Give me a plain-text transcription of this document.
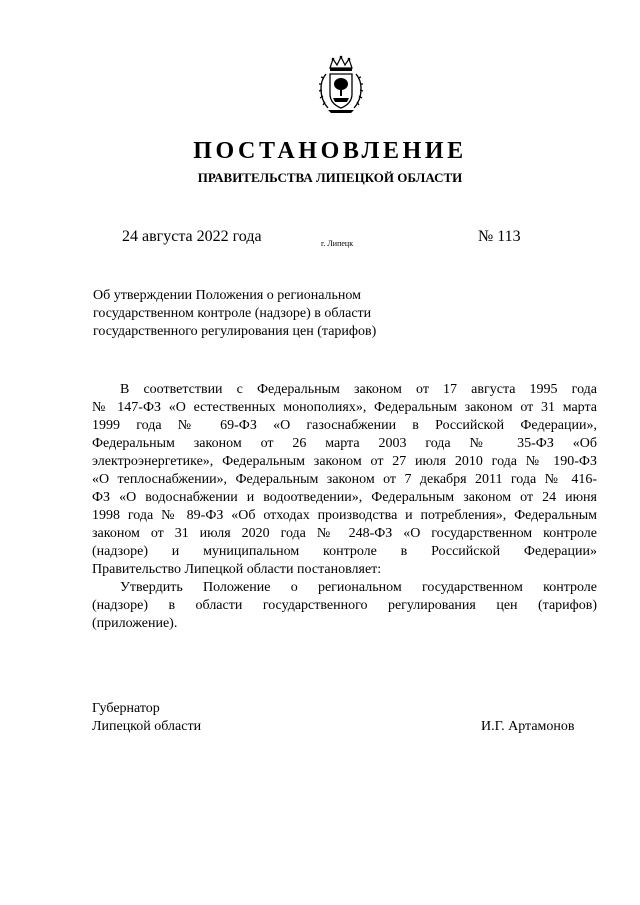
ПОСТАНОВЛЕНИЕ
ПРАВИТЕЛЬСТВА ЛИПЕЦКОЙ ОБЛАСТИ
24 августа 2022 года	г. Липецк	№ 113
Об утверждении Положения о региональном
государственном контроле (надзоре) в области
государственного регулирования цен (тарифов)
В соответствии с Федеральным законом от 17 августа 1995 года
№ 147-ФЗ «О естественных монополиях», Федеральным законом от 31 марта
1999 года № 69-ФЗ «О газоснабжении в Российской Федерации»,
Федеральным законом от 26 марта 2003 года № 35-ФЗ «Об
электроэнергетике», Федеральным законом от 27 июля 2010 года № 190-ФЗ
«О теплоснабжении», Федеральным законом от 7 декабря 2011 года № 416-
ФЗ «О водоснабжении и водоотведении», Федеральным законом от 24 июня
1998 года № 89-ФЗ «Об отходах производства и потребления», Федеральным
законом от 31 июля 2020 года № 248-ФЗ «О государственном контроле
(надзоре) и муниципальном контроле в Российской Федерации»
Правительство Липецкой области постановляет:
Утвердить Положение о региональном государственном контроле
(надзоре) в области государственного регулирования цен (тарифов)
(приложение).
Губернатор
Липецкой области	И.Г. Артамонов
